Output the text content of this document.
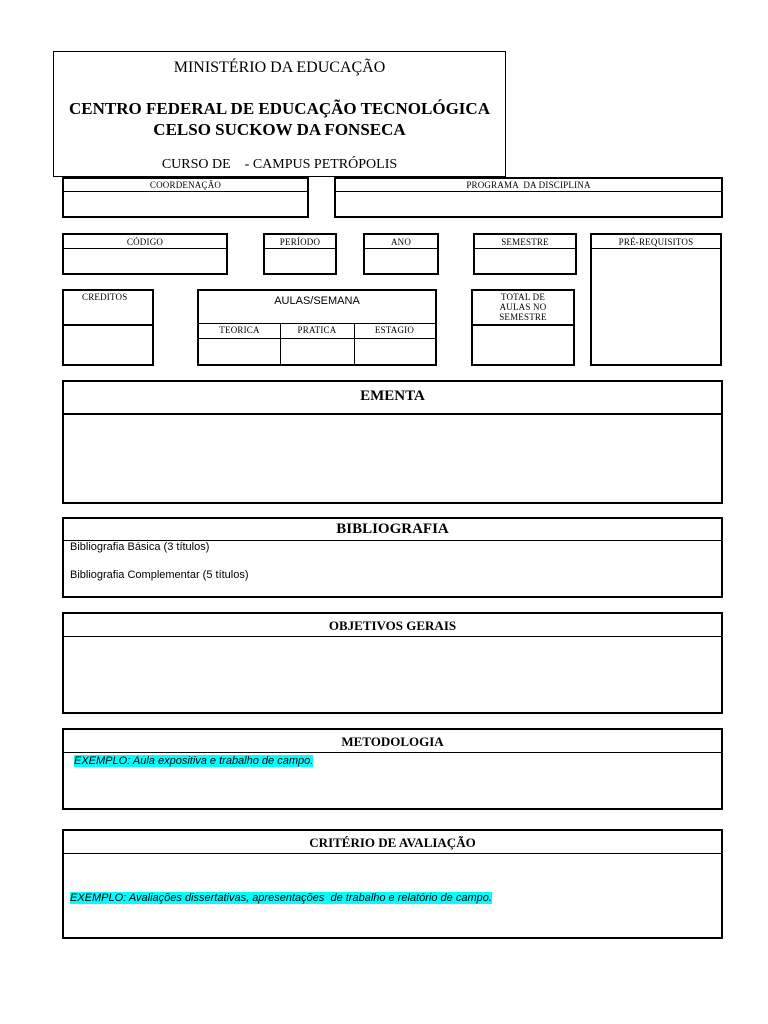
MINISTÉRIO DA EDUCAÇÃO
CENTRO FEDERAL DE EDUCAÇÃO TECNOLÓGICA
CELSO SUCKOW DA FONSECA
CURSO DE    - CAMPUS PETRÓPOLIS
COORDENAÇÃO	PROGRAMA  DA DISCIPLINA
CÓDIGO	PERÍODO	ANO	SEMESTRE	PRÉ-REQUISITOS
CREDITOS	AULAS/SEMANA
TEORICA	PRATICA	ESTAGIO
TOTAL DE AULAS NO SEMESTRE
EMENTA
BIBLIOGRAFIA
Bibliografia Básica (3 títulos)
Bibliografia Complementar (5 títulos)
OBJETIVOS GERAIS
METODOLOGIA
EXEMPLO: Aula expositiva e trabalho de campo.
CRITÉRIO DE AVALIAÇÃO
EXEMPLO: Avaliações dissertativas, apresentações  de trabalho e relatório de campo.
